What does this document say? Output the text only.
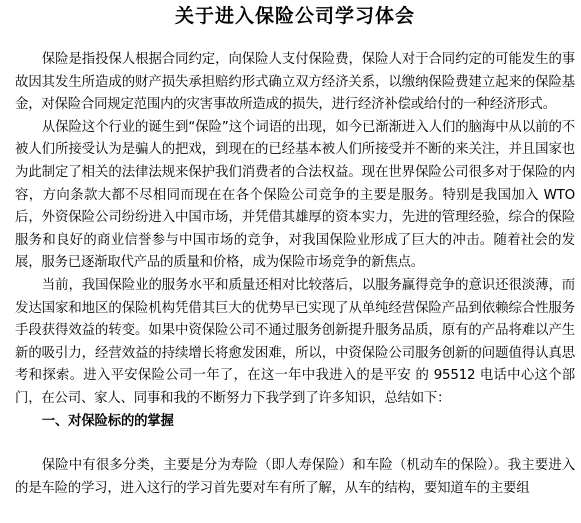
关于进入保险公司学习体会

保险是指投保人根据合同约定，向保险人支付保险费，保险人对于合同约定的可能发生的事故因其发生所造成的财产损失承担赔约形式确立双方经济关系，以缴纳保险费建立起来的保险基金，对保险合同规定范围内的灾害事故所造成的损失，进行经济补偿或给付的一种经济形式。

从保险这个行业的诞生到“保险”这个词语的出现，如今已渐渐进入人们的脑海中从以前的不被人们所接受认为是骗人的把戏，到现在的已经基本被人们所接受并不断的来关注，并且国家也为此制定了相关的法律法规来保护我们消费者的合法权益。现在世界保险公司很多对于保险的内容，方向条款大都不尽相同而现在在各个保险公司竞争的主要是服务。特别是我国加入 WTO 后，外资保险公司纷纷进入中国市场，并凭借其雄厚的资本实力，先进的管理经验，综合的保险服务和良好的商业信誉参与中国市场的竞争，对我国保险业形成了巨大的冲击。随着社会的发展，服务已逐渐取代产品的质量和价格，成为保险市场竞争的新焦点。

当前，我国保险业的服务水平和质量还相对比较落后，以服务赢得竞争的意识还很淡薄，而发达国家和地区的保险机构凭借其巨大的优势早已实现了从单纯经营保险产品到依赖综合性服务手段获得效益的转变。如果中资保险公司不通过服务创新提升服务品质，原有的产品将难以产生新的吸引力，经营效益的持续增长将愈发困难，所以，中资保险公司服务创新的问题值得认真思考和探索。进入平安保险公司一年了，在这一年中我进入的是平安 的 95512 电话中心这个部门，在公司、家人、同事和我的不断努力下我学到了许多知识，总结如下：

一、对保险标的的掌握

保险中有很多分类，主要是分为寿险（即人寿保险）和车险（机动车的保险）。我主要进入的是车险的学习，进入这行的学习首先要对车有所了解，从车的结构，要知道车的主要组
